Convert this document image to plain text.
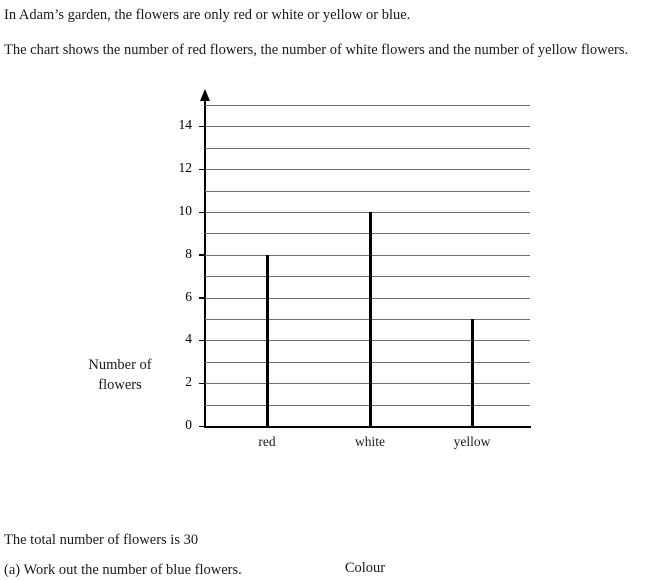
In Adam’s garden, the flowers are only red or white or yellow or blue.
The chart shows the number of red flowers, the number of white flowers and the number of yellow flowers.
Number of
flowers
0
2
4
6
8
10
12
14
red	white	yellow
Colour
The total number of flowers is 30
(a) Work out the number of blue flowers.
